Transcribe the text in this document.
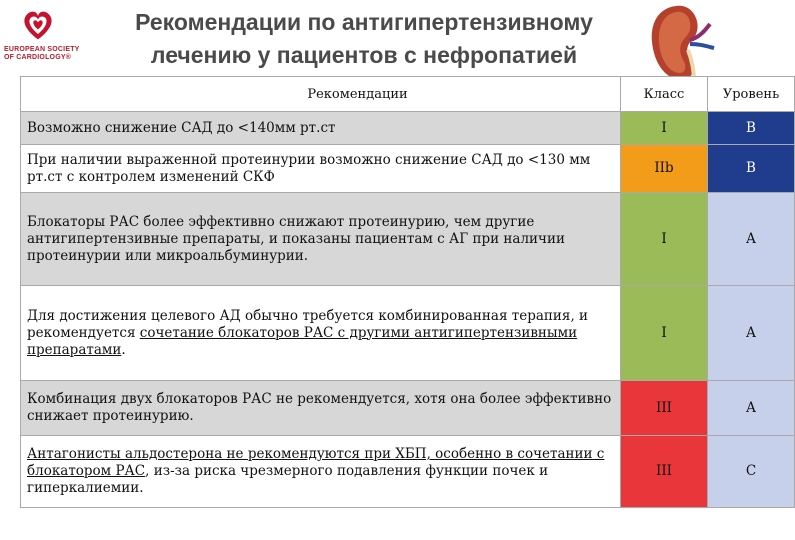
EUROPEAN SOCIETY OF CARDIOLOGY®
Рекомендации по антигипертензивному
лечению у пациентов с нефропатией
Рекомендации	Класс	Уровень
Возможно снижение САД до <140мм рт.ст	I	B
При наличии выраженной протеинурии возможно снижение САД до <130 мм рт.ст с контролем изменений СКФ	IIb	B
Блокаторы РАС более эффективно снижают протеинурию, чем другие антигипертензивные препараты, и показаны пациентам с АГ при наличии протеинурии или микроальбуминурии.	I	A
Для достижения целевого АД обычно требуется комбинированная терапия, и рекомендуется сочетание блокаторов РАС с другими антигипертензивными препаратами.	I	A
Комбинация двух блокаторов РАС не рекомендуется, хотя она более эффективно снижает протеинурию.	III	A
Антагонисты альдостерона не рекомендуются при ХБП, особенно в сочетании с блокатором РАС, из-за риска чрезмерного подавления функции почек и гиперкалиемии.	III	C
